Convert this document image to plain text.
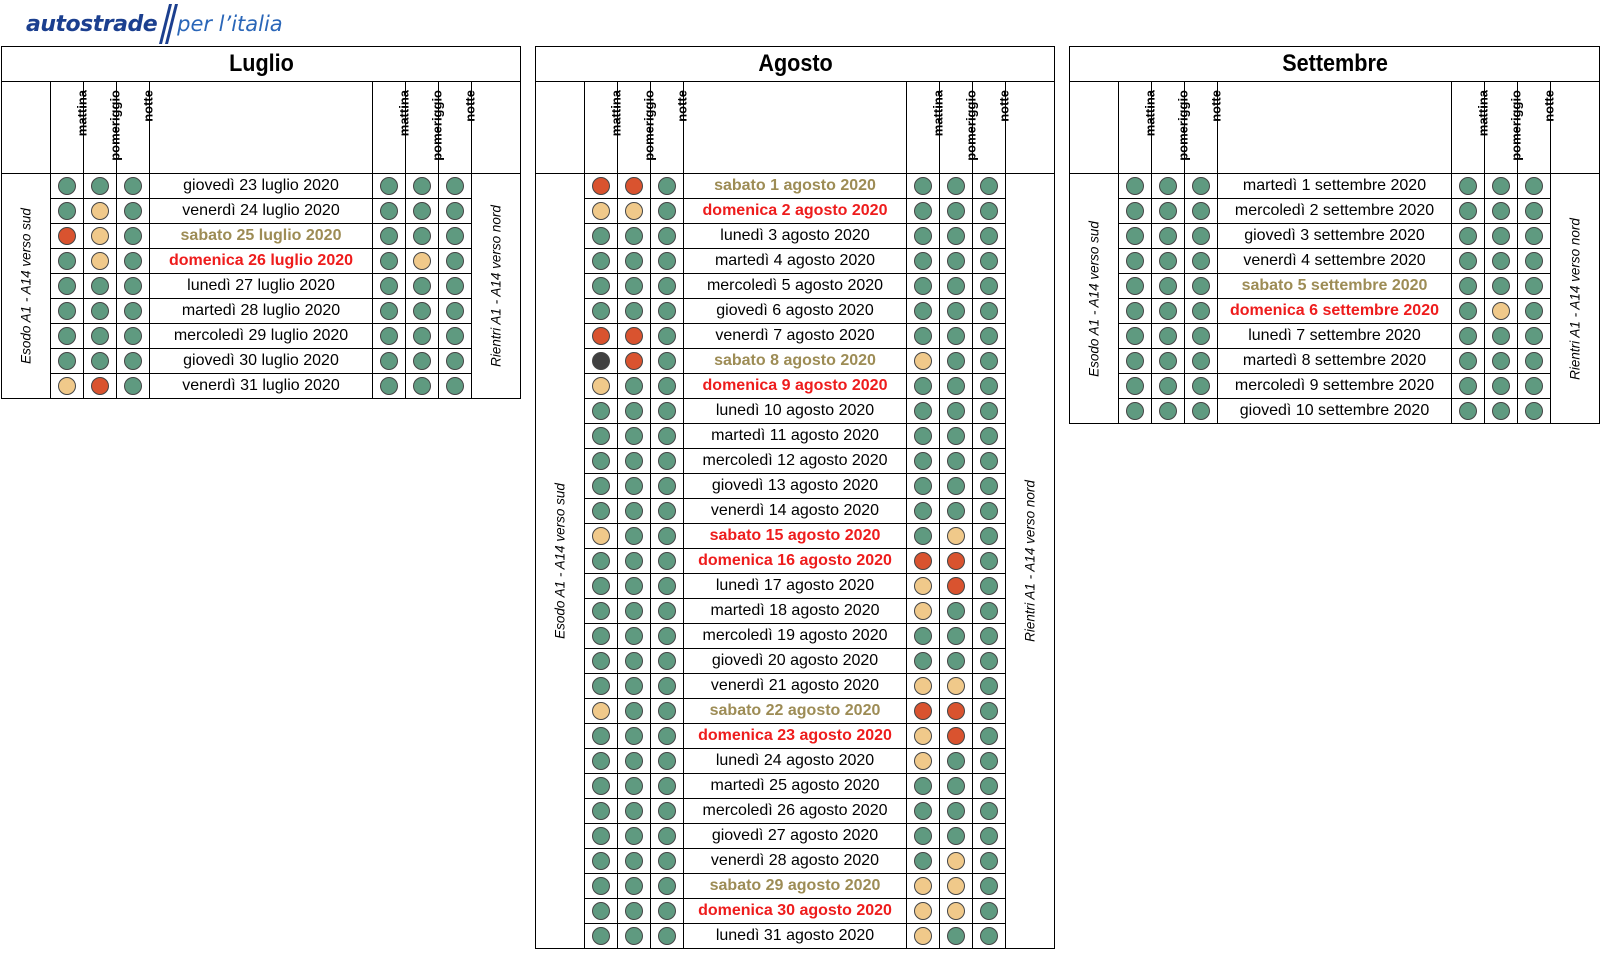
autostrade per l’italia
Luglio								

	mattina	pomeriggio	notte		mattina	pomeriggio	notte	

Esodo A1 - A14 verso sud				giovedì 23 luglio 2020				Rientri A1 - A14 verso nord

				venerdì 24 luglio 2020				
				sabato 25 luglio 2020				
				domenica 26 luglio 2020				
				lunedì 27 luglio 2020				
				martedì 28 luglio 2020				
				mercoledì 29 luglio 2020				
				giovedì 30 luglio 2020				
				venerdì 31 luglio 2020				
Agosto								

	mattina	pomeriggio	notte		mattina	pomeriggio	notte	

Esodo A1 - A14 verso sud				sabato 1 agosto 2020				Rientri A1 - A14 verso nord

				domenica 2 agosto 2020				
				lunedì 3 agosto 2020				
				martedì 4 agosto 2020				
				mercoledì 5 agosto 2020				
				giovedì 6 agosto 2020				
				venerdì 7 agosto 2020				
				sabato 8 agosto 2020				
				domenica 9 agosto 2020				
				lunedì 10 agosto 2020				
				martedì 11 agosto 2020				
				mercoledì 12 agosto 2020				
				giovedì 13 agosto 2020				
				venerdì 14 agosto 2020				
				sabato 15 agosto 2020				
				domenica 16 agosto 2020				
				lunedì 17 agosto 2020				
				martedì 18 agosto 2020				
				mercoledì 19 agosto 2020				
				giovedì 20 agosto 2020				
				venerdì 21 agosto 2020				
				sabato 22 agosto 2020				
				domenica 23 agosto 2020				
				lunedì 24 agosto 2020				
				martedì 25 agosto 2020				
				mercoledì 26 agosto 2020				
				giovedì 27 agosto 2020				
				venerdì 28 agosto 2020				
				sabato 29 agosto 2020				
				domenica 30 agosto 2020				
				lunedì 31 agosto 2020				
Settembre								

	mattina	pomeriggio	notte		mattina	pomeriggio	notte	

Esodo A1 - A14 verso sud				martedì 1 settembre 2020				Rientri A1 - A14 verso nord

				mercoledì 2 settembre 2020				
				giovedì 3 settembre 2020				
				venerdì 4 settembre 2020				
				sabato 5 settembre 2020				
				domenica 6 settembre 2020				
				lunedì 7 settembre 2020				
				martedì 8 settembre 2020				
				mercoledì 9 settembre 2020				
				giovedì 10 settembre 2020				
